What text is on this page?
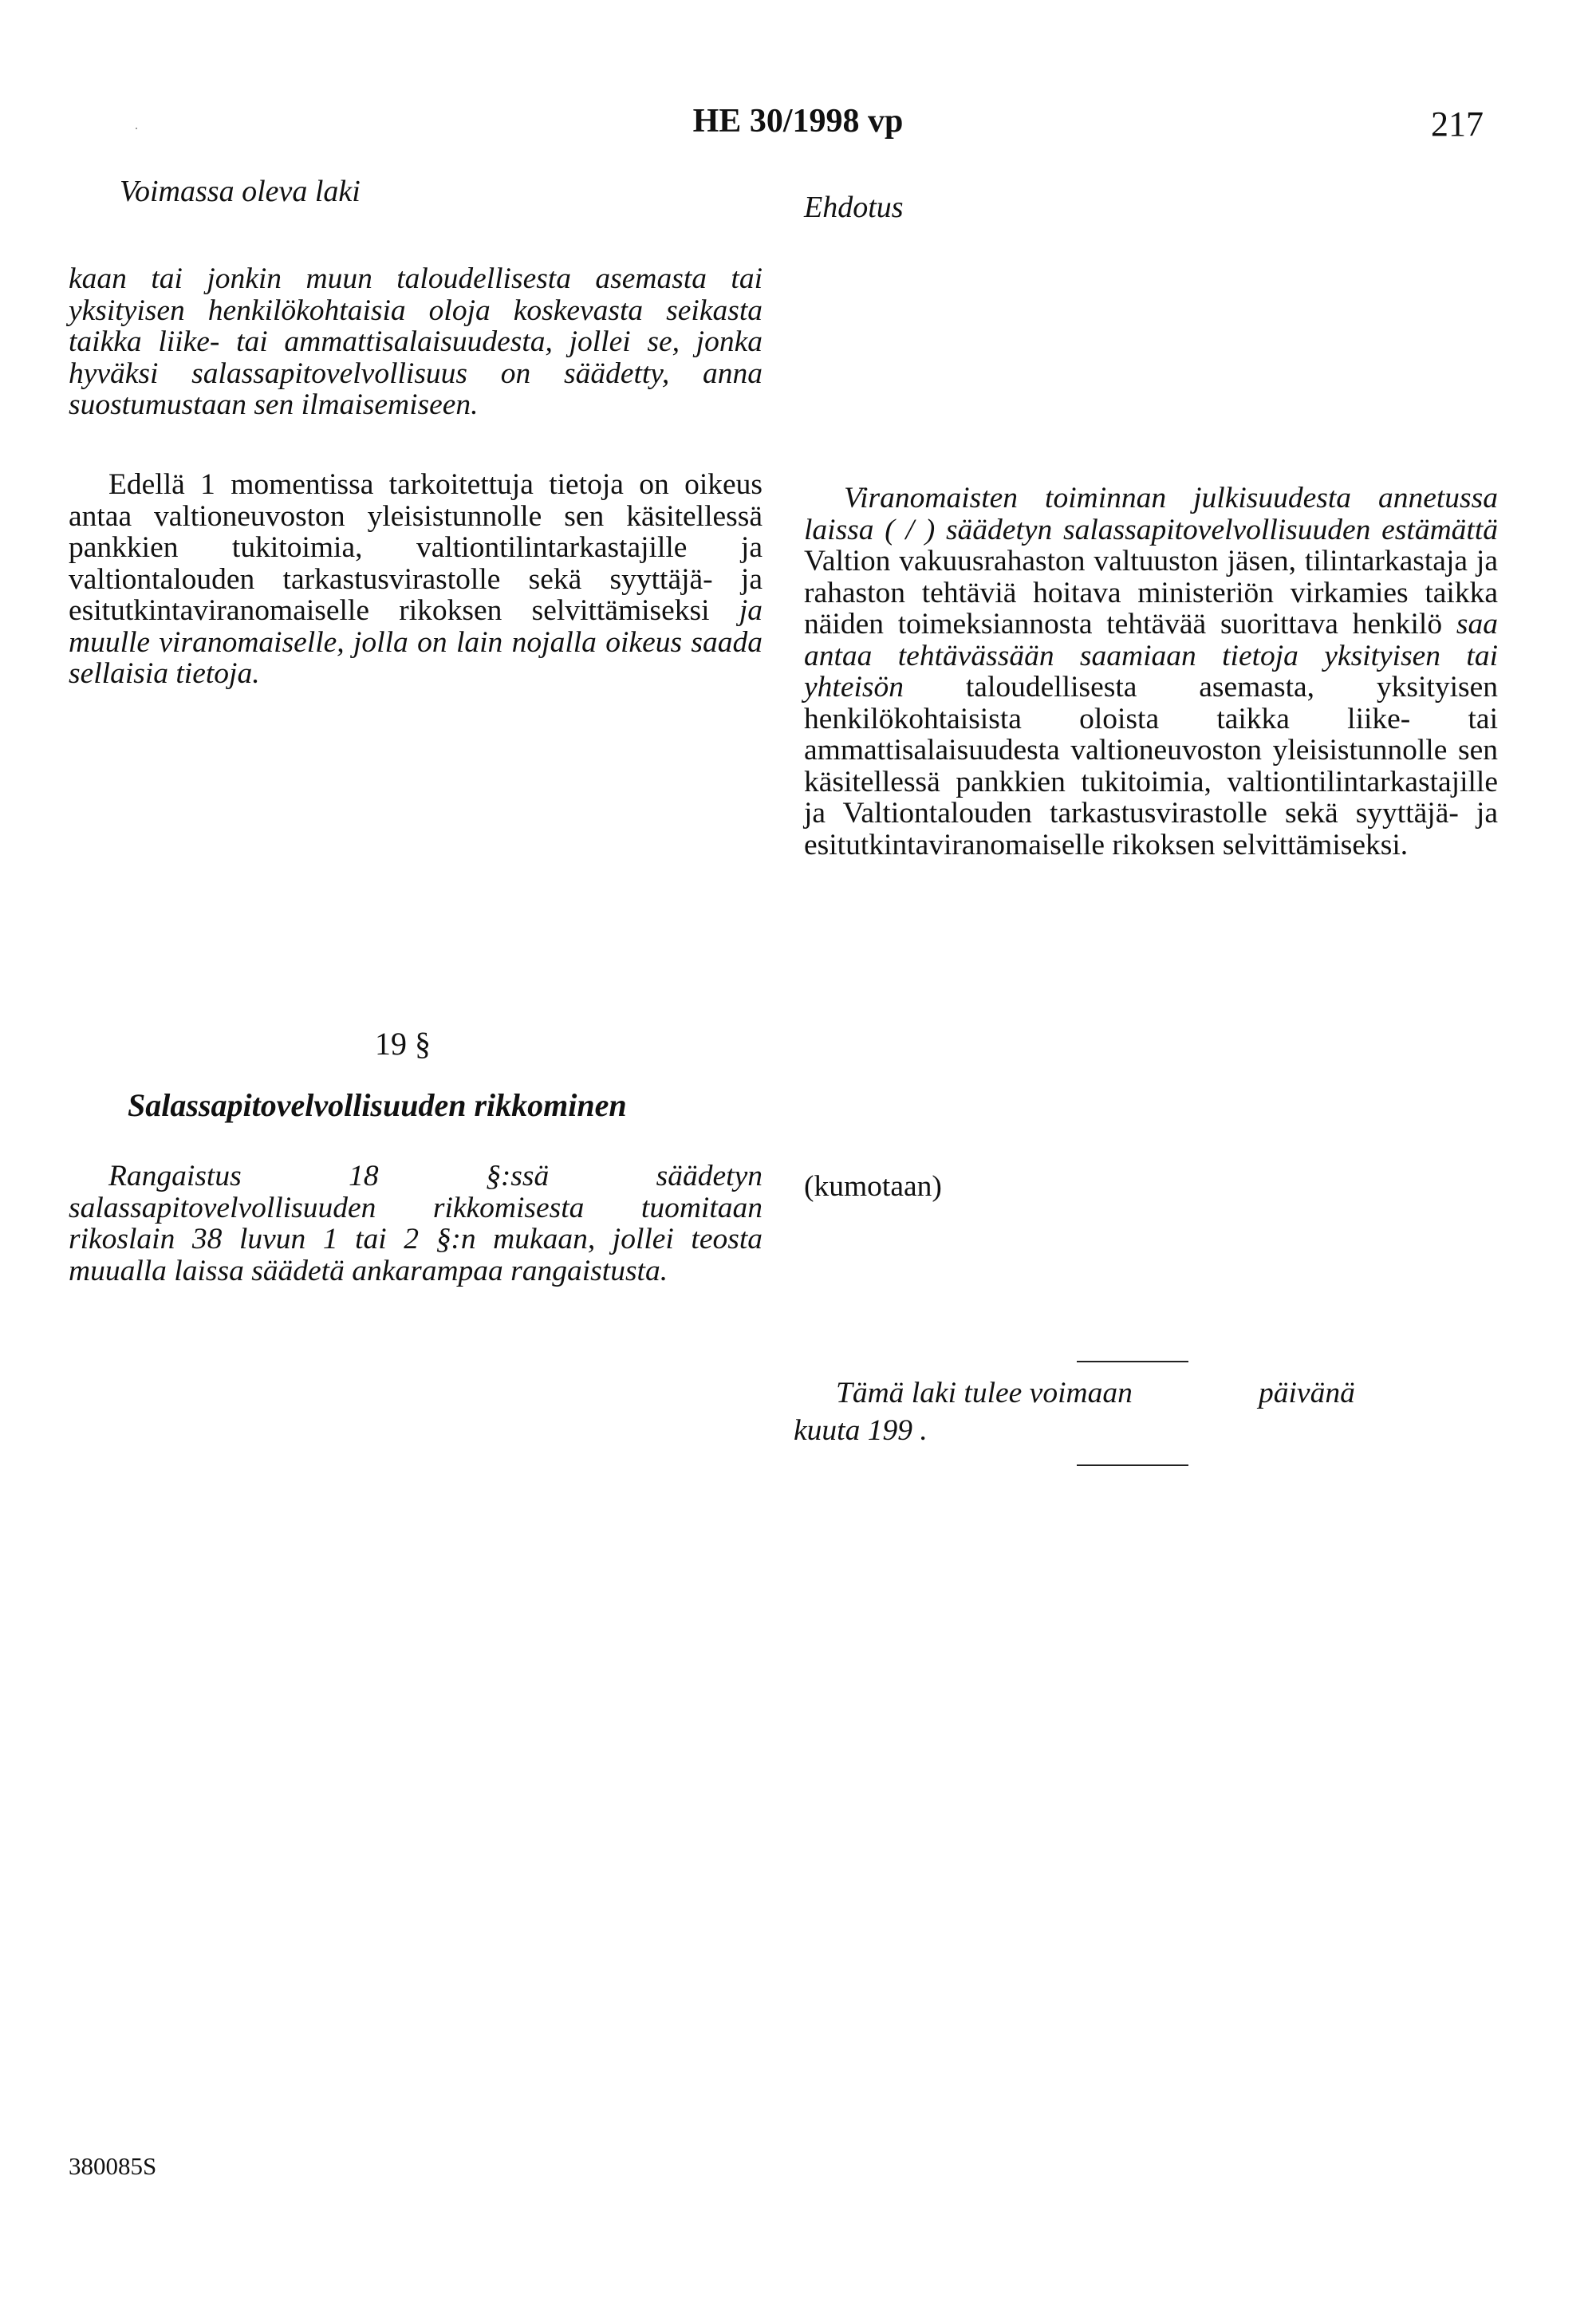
HE 30/1998 vp	217
Voimassa oleva laki	Ehdotus

kaan tai jonkin muun taloudellisesta asemasta tai yksityisen henkilökohtaisia oloja koskevasta seikasta taikka liike- tai ammattisalaisuudesta, jollei se, jonka hyväksi salassapitovelvollisuus on säädetty, anna suostumustaan sen ilmaisemiseen.

Edellä 1 momentissa tarkoitettuja tietoja on oikeus antaa valtioneuvoston yleisistunnolle sen käsitellessä pankkien tukitoimia, valtiontilintarkastajille ja valtiontalouden tarkastusvirastolle sekä syyttäjä- ja esitutkintaviranomaiselle rikoksen selvittämiseksi ja muulle viranomaiselle, jolla on lain nojalla oikeus saada sellaisia tietoja.

19 §
Salassapitovelvollisuuden rikkominen

Rangaistus 18 §:ssä säädetyn salassapitovelvollisuuden rikkomisesta tuomitaan rikoslain 38 luvun 1 tai 2 §:n mukaan, jollei teosta muualla laissa säädetä ankarampaa rangaistusta.

Viranomaisten toiminnan julkisuudesta annetussa laissa ( / ) säädetyn salassapitovelvollisuuden estämättä Valtion vakuusrahaston valtuuston jäsen, tilintarkastaja ja rahaston tehtäviä hoitava ministeriön virkamies taikka näiden toimeksiannosta tehtävää suorittava henkilö saa antaa tehtävässään saamiaan tietoja yksityisen tai yhteisön taloudellisesta asemasta, yksityisen henkilökohtaisista oloista taikka liike- tai ammattisalaisuudesta valtioneuvoston yleisistunnolle sen käsitellessä pankkien tukitoimia, valtiontilintarkastajille ja Valtiontalouden tarkastusvirastolle sekä syyttäjä- ja esitutkintaviranomaiselle rikoksen selvittämiseksi.

(kumotaan)
Tämä laki tulee voimaan	päivänä
kuuta 199 .
380085S
